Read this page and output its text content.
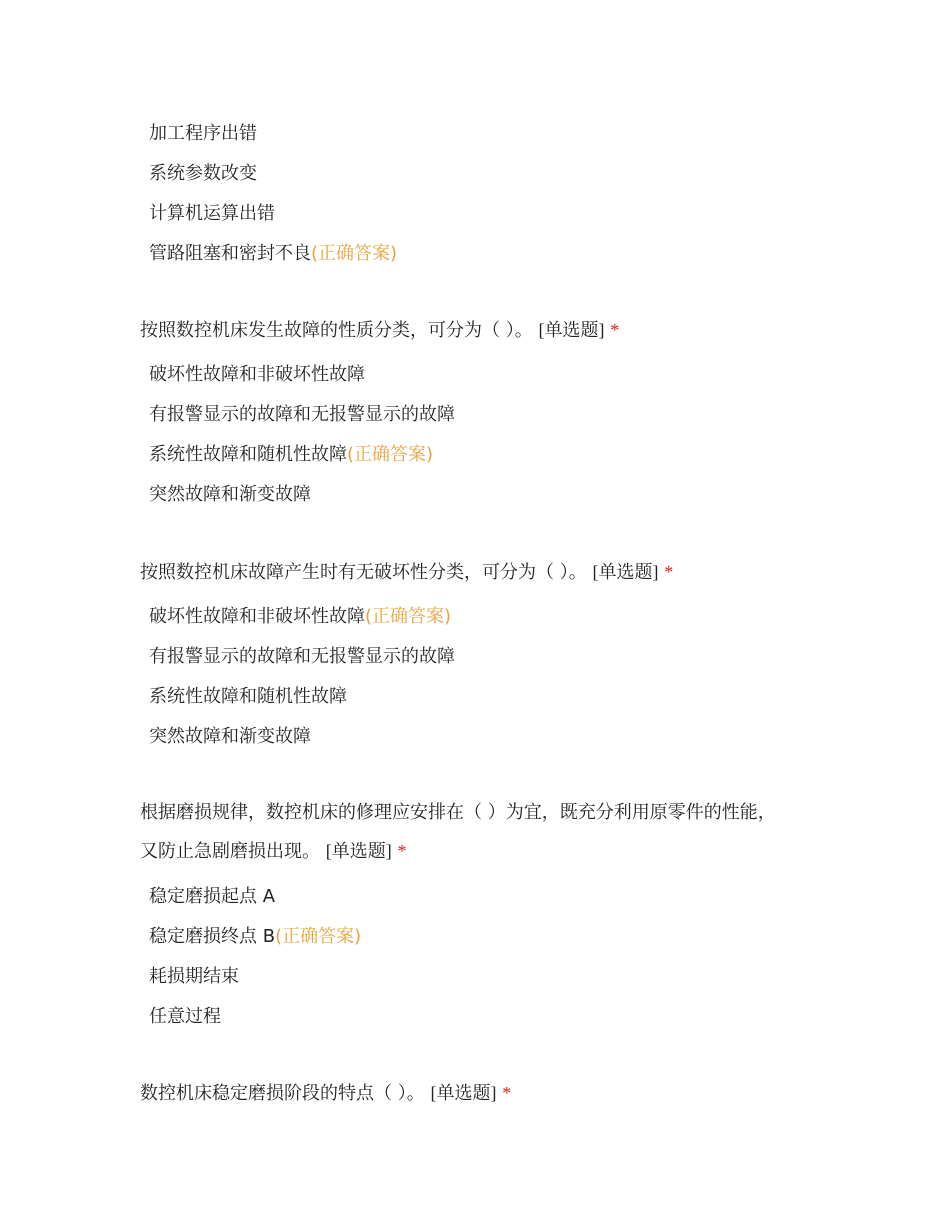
加工程序出错
系统参数改变
计算机运算出错
管路阻塞和密封不良(正确答案)
按照数控机床发生故障的性质分类，可分为（ ）。 [单选题] *
破坏性故障和非破坏性故障
有报警显示的故障和无报警显示的故障
系统性故障和随机性故障(正确答案)
突然故障和渐变故障
按照数控机床故障产生时有无破坏性分类，可分为（ ）。 [单选题] *
破坏性故障和非破坏性故障(正确答案)
有报警显示的故障和无报警显示的故障
系统性故障和随机性故障
突然故障和渐变故障
根据磨损规律，数控机床的修理应安排在（ ）为宜，既充分利用原零件的性能，
又防止急剧磨损出现。 [单选题] *
稳定磨损起点 A
稳定磨损终点 B(正确答案)
耗损期结束
任意过程
数控机床稳定磨损阶段的特点（ ）。 [单选题] *
